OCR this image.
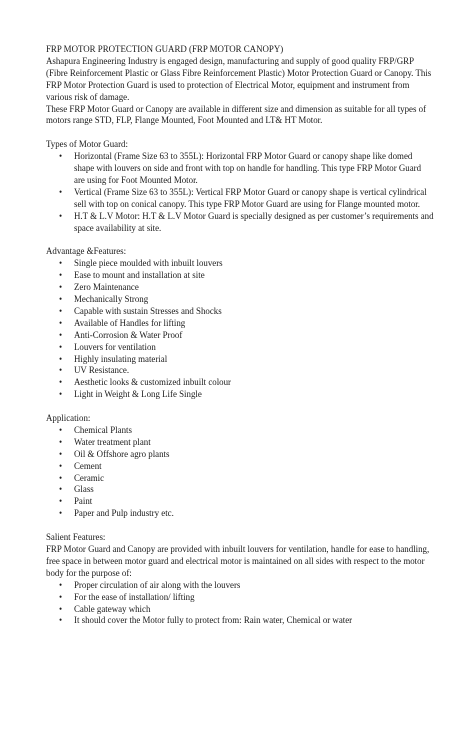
FRP MOTOR PROTECTION GUARD (FRP MOTOR CANOPY)

Ashapura Engineering Industry is engaged design, manufacturing and supply of good quality FRP/GRP (Fibre Reinforcement Plastic or Glass Fibre Reinforcement Plastic) Motor Protection Guard or Canopy. This FRP Motor Protection Guard is used to protection of Electrical Motor, equipment and instrument from various risk of damage.

These FRP Motor Guard or Canopy are available in different size and dimension as suitable for all types of motors range STD, FLP, Flange Mounted, Foot Mounted and LT& HT Motor.

Types of Motor Guard:

• Horizontal (Frame Size 63 to 355L): Horizontal FRP Motor Guard or canopy shape like domed shape with louvers on side and front with top on handle for handling. This type FRP Motor Guard are using for Foot Mounted Motor.
• Vertical (Frame Size 63 to 355L): Vertical FRP Motor Guard or canopy shape is vertical cylindrical sell with top on conical canopy. This type FRP Motor Guard are using for Flange mounted motor.
• H.T & L.V Motor: H.T & L.V Motor Guard is specially designed as per customer’s requirements and space availability at site.

Advantage &Features:

• Single piece moulded with inbuilt louvers
• Ease to mount and installation at site
• Zero Maintenance
• Mechanically Strong
• Capable with sustain Stresses and Shocks
• Available of Handles for lifting
• Anti-Corrosion & Water Proof
• Louvers for ventilation
• Highly insulating material
• UV Resistance.
• Aesthetic looks & customized inbuilt colour
• Light in Weight & Long Life Single

Application:

• Chemical Plants
• Water treatment plant
• Oil & Offshore agro plants
• Cement
• Ceramic
• Glass
• Paint
• Paper and Pulp industry etc.

Salient Features:

FRP Motor Guard and Canopy are provided with inbuilt louvers for ventilation, handle for ease to handling, free space in between motor guard and electrical motor is maintained on all sides with respect to the motor body for the purpose of:

• Proper circulation of air along with the louvers
• For the ease of installation/ lifting
• Cable gateway which
• It should cover the Motor fully to protect from: Rain water, Chemical or water
